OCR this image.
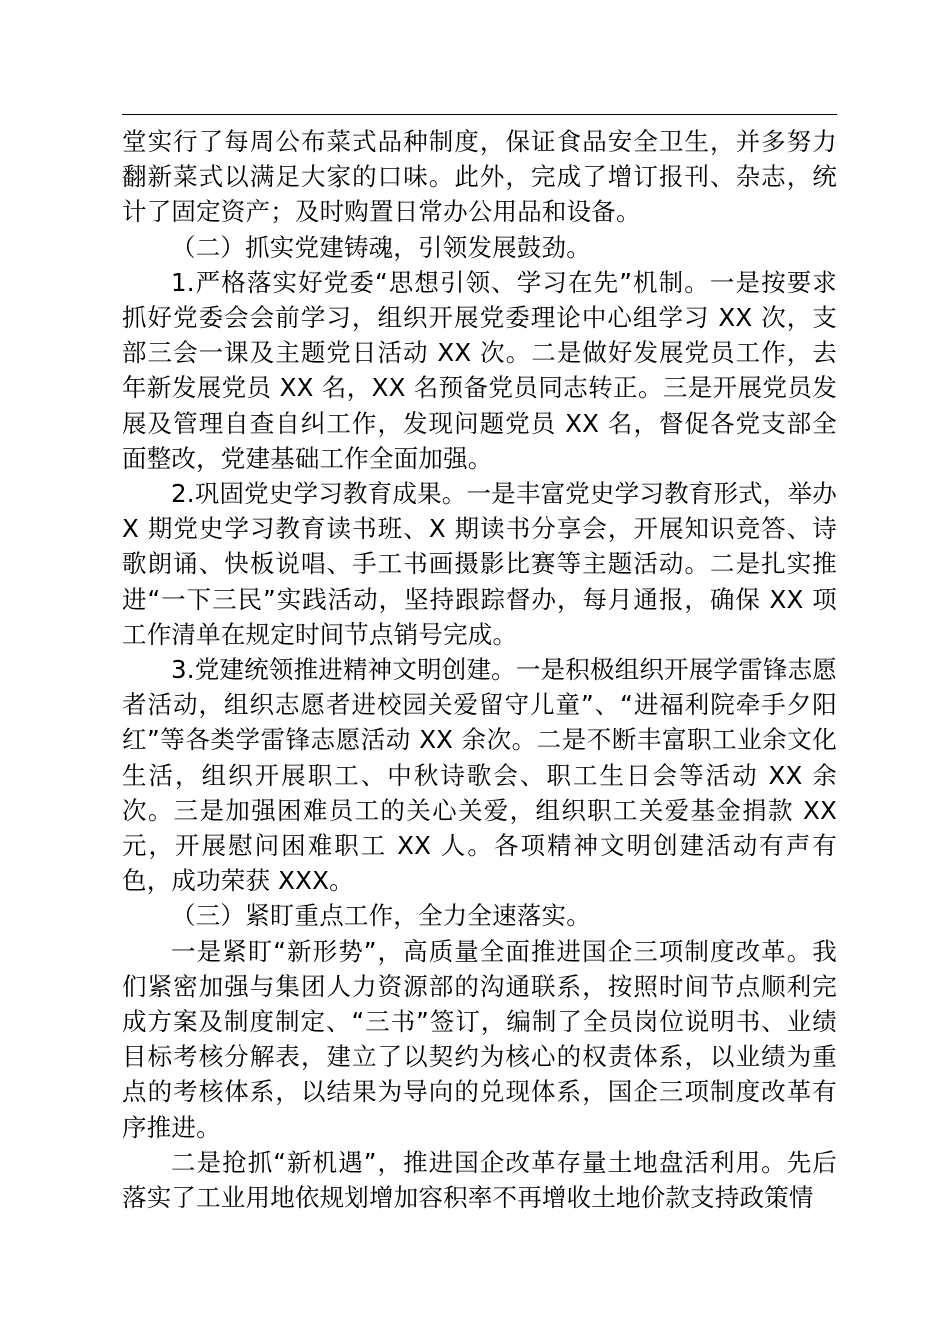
堂实行了每周公布菜式品种制度，保证食品安全卫生，并多努力翻新菜式以满足大家的口味。此外，完成了增订报刊、杂志，统计了固定资产；及时购置日常办公用品和设备。

（二）抓实党建铸魂，引领发展鼓劲。

1.严格落实好党委“思想引领、学习在先”机制。一是按要求抓好党委会会前学习，组织开展党委理论中心组学习 XX 次，支部三会一课及主题党日活动 XX 次。二是做好发展党员工作，去年新发展党员 XX 名，XX 名预备党员同志转正。三是开展党员发展及管理自查自纠工作，发现问题党员 XX 名，督促各党支部全面整改，党建基础工作全面加强。

2.巩固党史学习教育成果。一是丰富党史学习教育形式，举办 X 期党史学习教育读书班、X 期读书分享会，开展知识竞答、诗歌朗诵、快板说唱、手工书画摄影比赛等主题活动。二是扎实推进“一下三民”实践活动，坚持跟踪督办，每月通报，确保 XX 项工作清单在规定时间节点销号完成。

3.党建统领推进精神文明创建。一是积极组织开展学雷锋志愿者活动，组织志愿者进校园关爱留守儿童”、“进福利院牵手夕阳红”等各类学雷锋志愿活动 XX 余次。二是不断丰富职工业余文化生活，组织开展职工、中秋诗歌会、职工生日会等活动 XX 余次。三是加强困难员工的关心关爱，组织职工关爱基金捐款 XX 元，开展慰问困难职工 XX 人。各项精神文明创建活动有声有色，成功荣获 XXX。

（三）紧盯重点工作，全力全速落实。

一是紧盯“新形势”，高质量全面推进国企三项制度改革。我们紧密加强与集团人力资源部的沟通联系，按照时间节点顺利完成方案及制度制定、“三书”签订，编制了全员岗位说明书、业绩目标考核分解表，建立了以契约为核心的权责体系，以业绩为重点的考核体系，以结果为导向的兑现体系，国企三项制度改革有序推进。

二是抢抓“新机遇”，推进国企改革存量土地盘活利用。先后落实了工业用地依规划增加容积率不再增收土地价款支持政策情
